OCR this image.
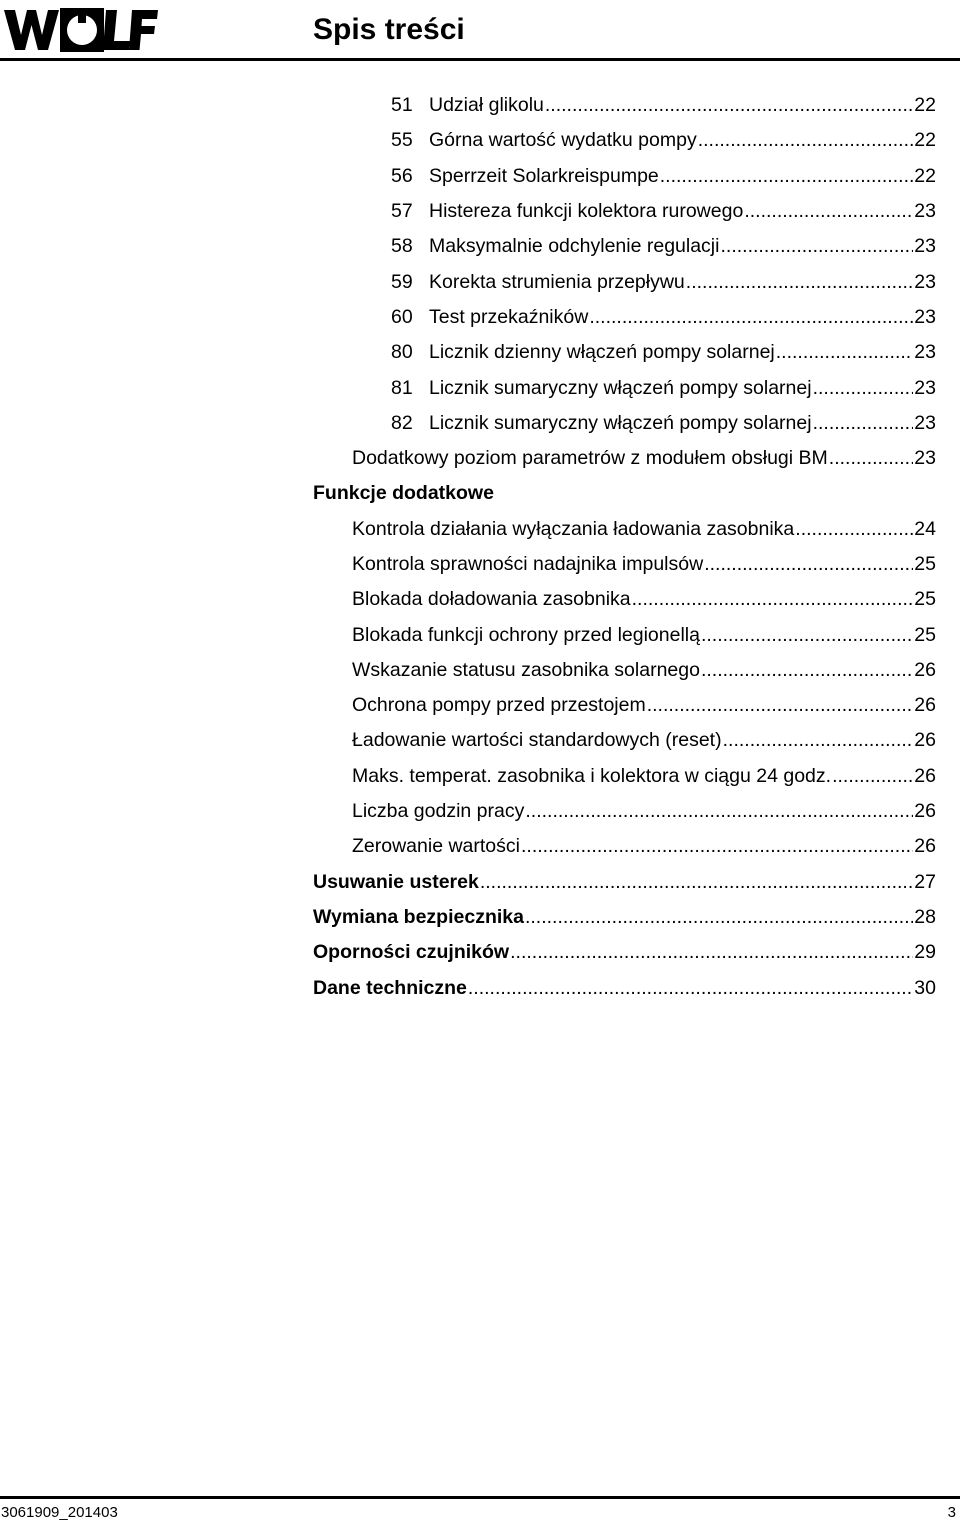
Spis treści
51 Udział glikolu .....	22
55 Górna wartość wydatku pompy .....	22
56 Sperrzeit Solarkreispumpe .....	22
57 Histereza funkcji kolektora rurowego .....	23
58 Maksymalnie odchylenie regulacji .....	23
59 Korekta strumienia przepływu .....	23
60 Test przekaźników .....	23
80 Licznik dzienny włączeń pompy solarnej .....	23
81 Licznik sumaryczny włączeń pompy solarnej .....	23
82 Licznik sumaryczny włączeń pompy solarnej .....	23
Dodatkowy poziom parametrów z modułem obsługi BM .....	23
Funkcje dodatkowe
Kontrola działania wyłączania ładowania zasobnika .....	24
Kontrola sprawności nadajnika impulsów .....	25
Blokada doładowania zasobnika .....	25
Blokada funkcji ochrony przed legionellą .....	25
Wskazanie statusu zasobnika solarnego .....	26
Ochrona pompy przed przestojem .....	26
Ładowanie wartości standardowych (reset) .....	26
Maks. temperat. zasobnika i kolektora w ciągu 24 godz. .....	26
Liczba godzin pracy .....	26
Zerowanie wartości .....	26
Usuwanie usterek .....	27
Wymiana bezpiecznika .....	28
Oporności czujników .....	29
Dane techniczne .....	30
3061909_201403	3
